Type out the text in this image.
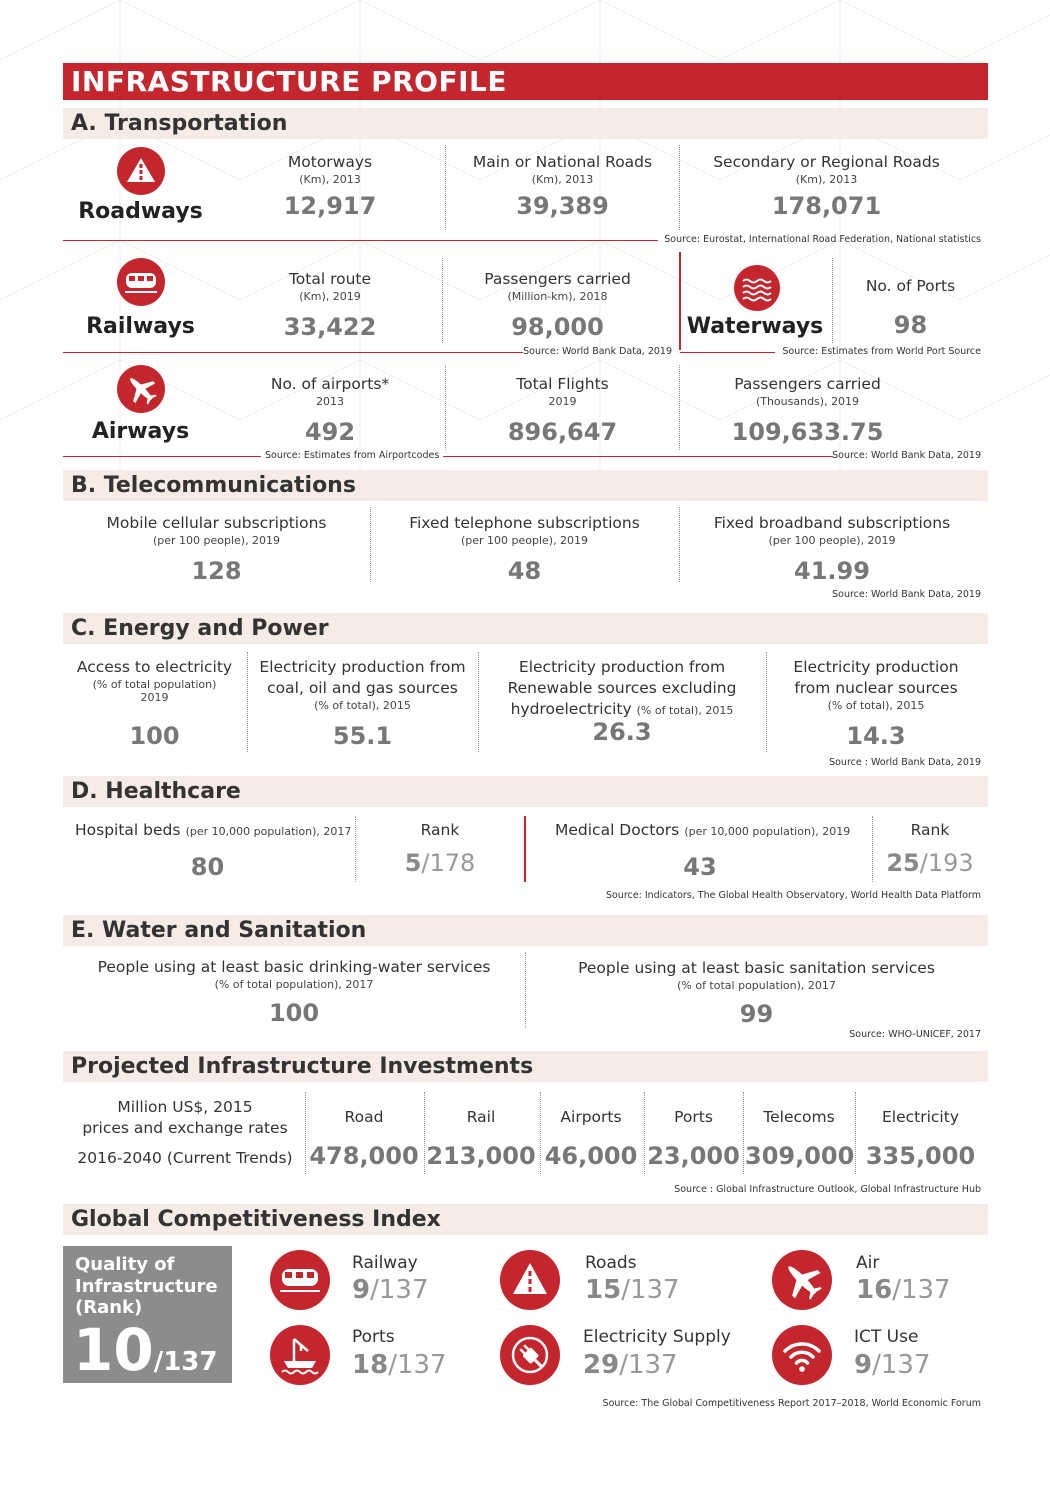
INFRASTRUCTURE PROFILE
A. Transportation
Roadways
Motorways
(Km), 2013
12,917
Main or National Roads
(Km), 2013
39,389
Secondary or Regional Roads
(Km), 2013
178,071
Source: Eurostat, International Road Federation, National statistics
Railways
Total route
(Km), 2019
33,422
Passengers carried
(Million-km), 2018
98,000
Source: World Bank Data, 2019
Waterways
No. of Ports
98
Source: Estimates from World Port Source
Airways
No. of airports*
2013
492
Total Flights
2019
896,647
Passengers carried
(Thousands), 2019
109,633.75
Source: Estimates from Airportcodes	Source: World Bank Data, 2019
B. Telecommunications
Mobile cellular subscriptions
(per 100 people), 2019
128
Fixed telephone subscriptions
(per 100 people), 2019
48
Fixed broadband subscriptions
(per 100 people), 2019
41.99
Source: World Bank Data, 2019
C. Energy and Power
Access to electricity
(% of total population)
2019
100
Electricity production from
coal, oil and gas sources
(% of total), 2015
55.1
Electricity production from
Renewable sources excluding
hydroelectricity (% of total), 2015
26.3
Electricity production
from nuclear sources
(% of total), 2015
14.3
Source : World Bank Data, 2019
D. Healthcare
Hospital beds (per 10,000 population), 2017
80
Rank
5/178
Medical Doctors (per 10,000 population), 2019
43
Rank
25/193
Source: Indicators, The Global Health Observatory, World Health Data Platform
E. Water and Sanitation
People using at least basic drinking-water services
(% of total population), 2017
100
People using at least basic sanitation services
(% of total population), 2017
99
Source: WHO-UNICEF, 2017
Projected Infrastructure Investments
Million US$, 2015
prices and exchange rates
2016-2040 (Current Trends)
Road
478,000
Rail
213,000
Airports
46,000
Ports
23,000
Telecoms
309,000
Electricity
335,000
Source : Global Infrastructure Outlook, Global Infrastructure Hub
Global Competitiveness Index
Quality of
Infrastructure
(Rank)
10/137
Railway
9/137
Roads
15/137
Air
16/137
Ports
18/137
Electricity Supply
29/137
ICT Use
9/137
Source: The Global Competitiveness Report 2017–2018, World Economic Forum
